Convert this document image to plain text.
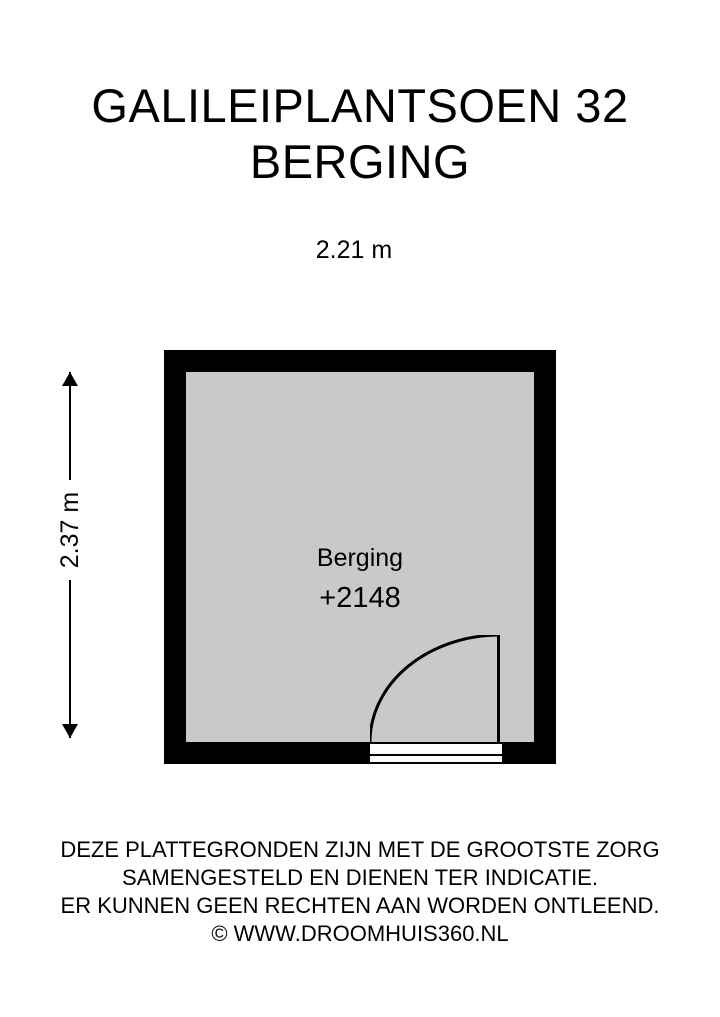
GALILEIPLANTSOEN 32
BERGING
2.21 m
2.37 m	Berging
+2148
DEZE PLATTEGRONDEN ZIJN MET DE GROOTSTE ZORG
SAMENGESTELD EN DIENEN TER INDICATIE.
ER KUNNEN GEEN RECHTEN AAN WORDEN ONTLEEND.
© WWW.DROOMHUIS360.NL
